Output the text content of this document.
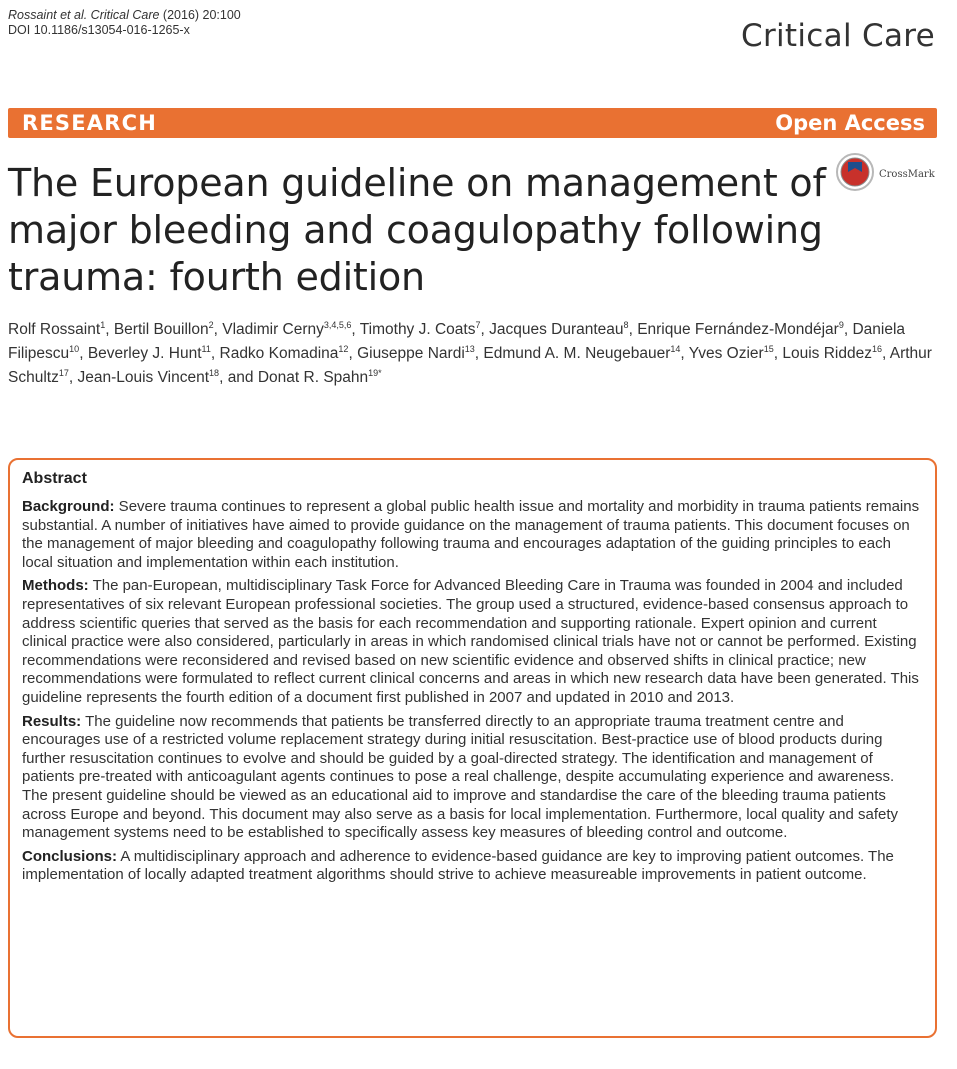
Rossaint et al. Critical Care (2016) 20:100
DOI 10.1186/s13054-016-1265-x	Critical Care
RESEARCH	Open Access
The European guideline on management of major bleeding and coagulopathy following trauma: fourth edition
CrossMark

Rolf Rossaint$^1$, Bertil Bouillon$^2$, Vladimir Cerny$^{3,4,5,6}$, Timothy J. Coats$^7$, Jacques Duranteau$^8$, Enrique Fernández-Mondéjar$^9$, Daniela Filipescu$^{10}$, Beverley J. Hunt$^{11}$, Radko Komadina$^{12}$, Giuseppe Nardi$^{13}$, Edmund A. M. Neugebauer$^{14}$, Yves Ozier$^{15}$, Louis Riddez$^{16}$, Arthur Schultz$^{17}$, Jean-Louis Vincent$^{18}$, and Donat R. Spahn$^{19*}$

Abstract

Background: Severe trauma continues to represent a global public health issue and mortality and morbidity in trauma patients remains substantial. A number of initiatives have aimed to provide guidance on the management of trauma patients. This document focuses on the management of major bleeding and coagulopathy following trauma and encourages adaptation of the guiding principles to each local situation and implementation within each institution.

Methods: The pan-European, multidisciplinary Task Force for Advanced Bleeding Care in Trauma was founded in 2004 and included representatives of six relevant European professional societies. The group used a structured, evidence-based consensus approach to address scientific queries that served as the basis for each recommendation and supporting rationale. Expert opinion and current clinical practice were also considered, particularly in areas in which randomised clinical trials have not or cannot be performed. Existing recommendations were reconsidered and revised based on new scientific evidence and observed shifts in clinical practice; new recommendations were formulated to reflect current clinical concerns and areas in which new research data have been generated. This guideline represents the fourth edition of a document first published in 2007 and updated in 2010 and 2013.

Results: The guideline now recommends that patients be transferred directly to an appropriate trauma treatment centre and encourages use of a restricted volume replacement strategy during initial resuscitation. Best-practice use of blood products during further resuscitation continues to evolve and should be guided by a goal-directed strategy. The identification and management of patients pre-treated with anticoagulant agents continues to pose a real challenge, despite accumulating experience and awareness. The present guideline should be viewed as an educational aid to improve and standardise the care of the bleeding trauma patients across Europe and beyond. This document may also serve as a basis for local implementation. Furthermore, local quality and safety management systems need to be established to specifically assess key measures of bleeding control and outcome.

Conclusions: A multidisciplinary approach and adherence to evidence-based guidance are key to improving patient outcomes. The implementation of locally adapted treatment algorithms should strive to achieve measureable improvements in patient outcome.
